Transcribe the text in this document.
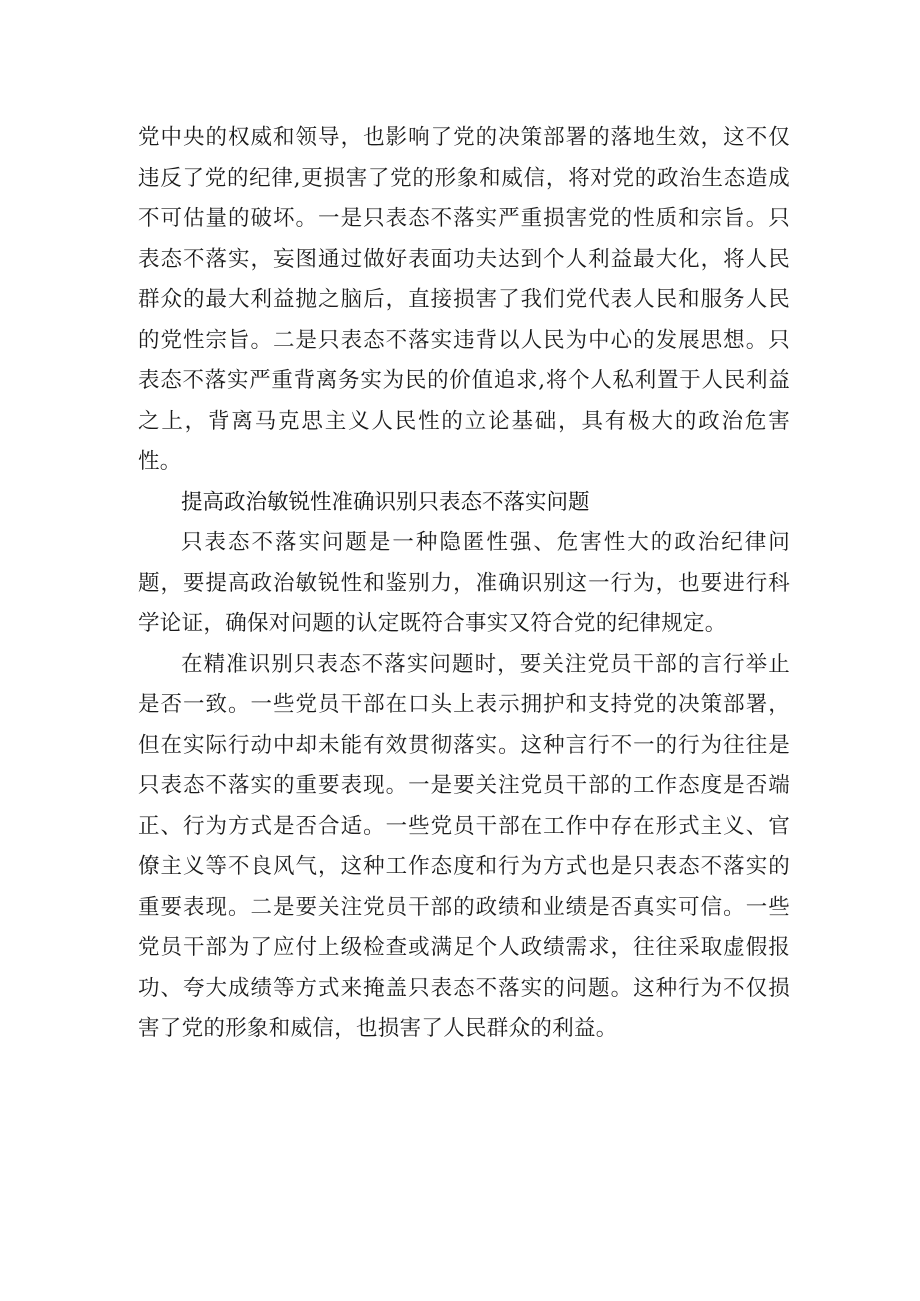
党中央的权威和领导，也影响了党的决策部署的落地生效，这不仅违反了党的纪律,更损害了党的形象和威信，将对党的政治生态造成不可估量的破坏。一是只表态不落实严重损害党的性质和宗旨。只表态不落实，妄图通过做好表面功夫达到个人利益最大化，将人民群众的最大利益抛之脑后，直接损害了我们党代表人民和服务人民的党性宗旨。二是只表态不落实违背以人民为中心的发展思想。只表态不落实严重背离务实为民的价值追求,将个人私利置于人民利益之上，背离马克思主义人民性的立论基础，具有极大的政治危害性。

提高政治敏锐性准确识别只表态不落实问题

只表态不落实问题是一种隐匿性强、危害性大的政治纪律问题，要提高政治敏锐性和鉴别力，准确识别这一行为，也要进行科学论证，确保对问题的认定既符合事实又符合党的纪律规定。

在精准识别只表态不落实问题时，要关注党员干部的言行举止是否一致。一些党员干部在口头上表示拥护和支持党的决策部署，但在实际行动中却未能有效贯彻落实。这种言行不一的行为往往是只表态不落实的重要表现。一是要关注党员干部的工作态度是否端正、行为方式是否合适。一些党员干部在工作中存在形式主义、官僚主义等不良风气，这种工作态度和行为方式也是只表态不落实的重要表现。二是要关注党员干部的政绩和业绩是否真实可信。一些党员干部为了应付上级检查或满足个人政绩需求，往往采取虚假报功、夸大成绩等方式来掩盖只表态不落实的问题。这种行为不仅损害了党的形象和威信，也损害了人民群众的利益。
